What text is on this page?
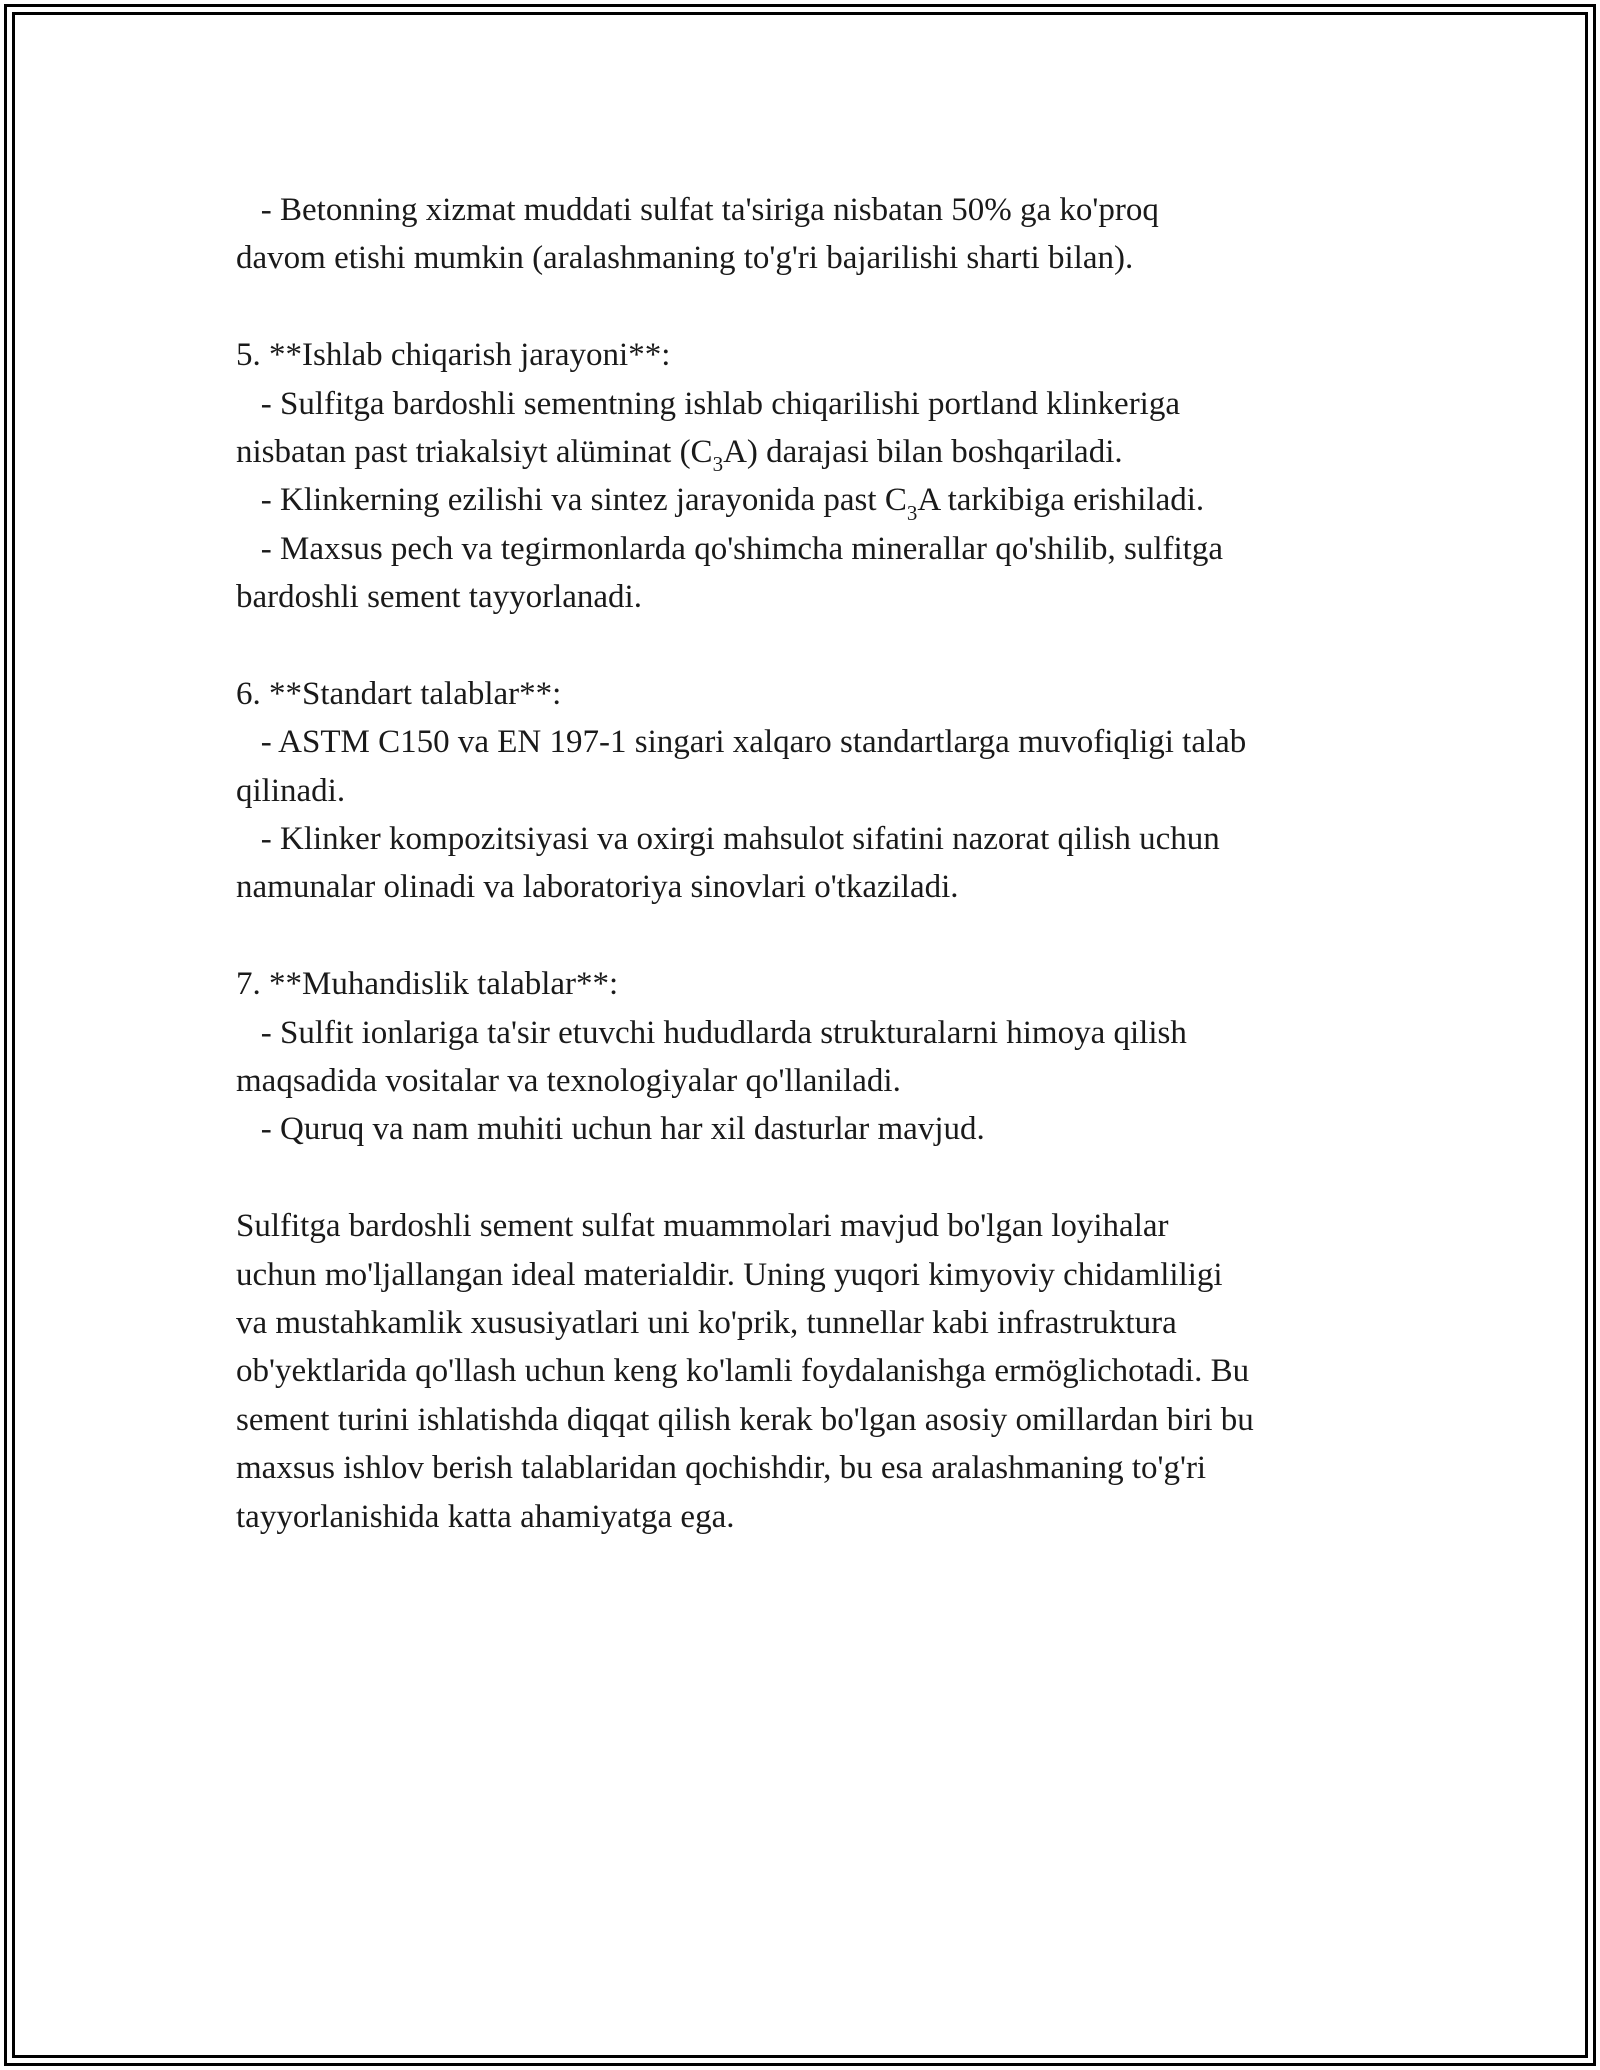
- Betonning xizmat muddati sulfat ta'siriga nisbatan 50% ga ko'proq
davom etishi mumkin (aralashmaning to'g'ri bajarilishi sharti bilan).
5. **Ishlab chiqarish jarayoni**:
- Sulfitga bardoshli sementning ishlab chiqarilishi portland klinkeriga
nisbatan past triakalsiyt alüminat $(C_3A)$ darajasi bilan boshqariladi.
- Klinkerning ezilishi va sintez jarayonida past $C_3A$ tarkibiga erishiladi.
- Maxsus pech va tegirmonlarda qo'shimcha minerallar qo'shilib, sulfitga
bardoshli sement tayyorlanadi.
6. **Standart talablar**:
- ASTM C150 va EN 197-1 singari xalqaro standartlarga muvofiqligi talab
qilinadi.
- Klinker kompozitsiyasi va oxirgi mahsulot sifatini nazorat qilish uchun
namunalar olinadi va laboratoriya sinovlari o'tkaziladi.
7. **Muhandislik talablar**:
- Sulfit ionlariga ta'sir etuvchi hududlarda strukturalarni himoya qilish
maqsadida vositalar va texnologiyalar qo'llaniladi.
- Quruq va nam muhiti uchun har xil dasturlar mavjud.
Sulfitga bardoshli sement sulfat muammolari mavjud bo'lgan loyihalar
uchun mo'ljallangan ideal materialdir. Uning yuqori kimyoviy chidamliligi
va mustahkamlik xususiyatlari uni ko'prik, tunnellar kabi infrastruktura
ob'yektlarida qo'llash uchun keng ko'lamli foydalanishga ermöglichotadi. Bu
sement turini ishlatishda diqqat qilish kerak bo'lgan asosiy omillardan biri bu
maxsus ishlov berish talablaridan qochishdir, bu esa aralashmaning to'g'ri
tayyorlanishida katta ahamiyatga ega.
